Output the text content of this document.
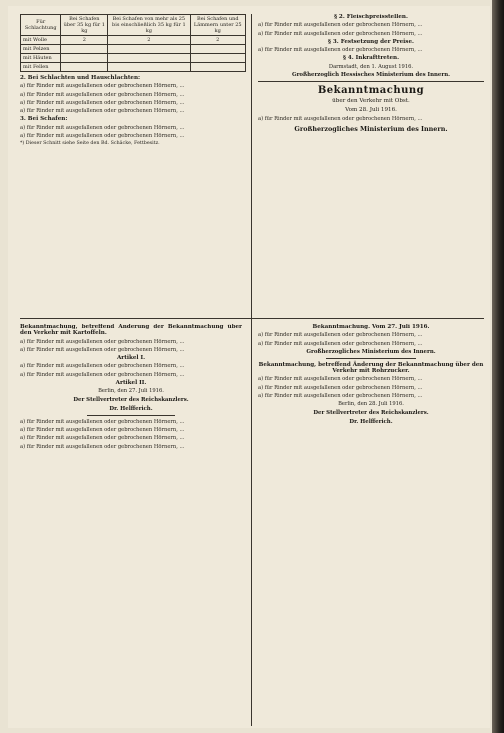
Für Schlachtung	Bei Schafen über 35 kg für 1 kg	Bei Schafen von mehr als 25 bis einschließlich 35 kg für 1 kg	Bei Schafen und Lämmern unter 25 kg
mit Wolle	2	2	2
mit Pelzen			
mit Häuten			
mit Fellen			

2. Bei Schlachten und Hauschlachten:

a) für Rinder mit ausgefallenen oder gebrochenen Hörnern, ...

a) für Rinder mit ausgefallenen oder gebrochenen Hörnern, ...

a) für Rinder mit ausgefallenen oder gebrochenen Hörnern, ...

a) für Rinder mit ausgefallenen oder gebrochenen Hörnern, ...

3. Bei Schafen:

a) für Rinder mit ausgefallenen oder gebrochenen Hörnern, ...

a) für Rinder mit ausgefallenen oder gebrochenen Hörnern, ...

*) Dieser Schnitt siehe Seite den Bd. Schäcke, Fettbesitz.

§ 2. Fleischpreisstellen.

a) für Rinder mit ausgefallenen oder gebrochenen Hörnern, ...

a) für Rinder mit ausgefallenen oder gebrochenen Hörnern, ...

§ 3. Festsetzung der Preise.

a) für Rinder mit ausgefallenen oder gebrochenen Hörnern, ...

§ 4. Inkrafttreten.

Darmstadt, den 1. August 1916.

Großherzoglich Hessisches Ministerium des Innern.

Bekanntmachung
über den Verkehr mit Obst.
Vom 28. Juli 1916.

a) für Rinder mit ausgefallenen oder gebrochenen Hörnern, ...

Großherzogliches Ministerium des Innern.

Bekanntmachung, betreffend Änderung der Bekanntmachung über den Verkehr mit Kartoffeln.

a) für Rinder mit ausgefallenen oder gebrochenen Hörnern, ...

a) für Rinder mit ausgefallenen oder gebrochenen Hörnern, ...

Artikel I.

a) für Rinder mit ausgefallenen oder gebrochenen Hörnern, ...

a) für Rinder mit ausgefallenen oder gebrochenen Hörnern, ...

Artikel II.

Berlin, den 27. Juli 1916.

Der Stellvertreter des Reichskanzlers.

Dr. Helfferich.

a) für Rinder mit ausgefallenen oder gebrochenen Hörnern, ...

a) für Rinder mit ausgefallenen oder gebrochenen Hörnern, ...

a) für Rinder mit ausgefallenen oder gebrochenen Hörnern, ...

a) für Rinder mit ausgefallenen oder gebrochenen Hörnern, ...

Bekanntmachung. Vom 27. Juli 1916.

a) für Rinder mit ausgefallenen oder gebrochenen Hörnern, ...

a) für Rinder mit ausgefallenen oder gebrochenen Hörnern, ...

Großherzogliches Ministerium des Innern.

Bekanntmachung, betreffend Änderung der Bekanntmachung über den Verkehr mit Rohrzucker.

a) für Rinder mit ausgefallenen oder gebrochenen Hörnern, ...

a) für Rinder mit ausgefallenen oder gebrochenen Hörnern, ...

a) für Rinder mit ausgefallenen oder gebrochenen Hörnern, ...

Berlin, den 28. Juli 1916.

Der Stellvertreter des Reichskanzlers.

Dr. Helfferich.
